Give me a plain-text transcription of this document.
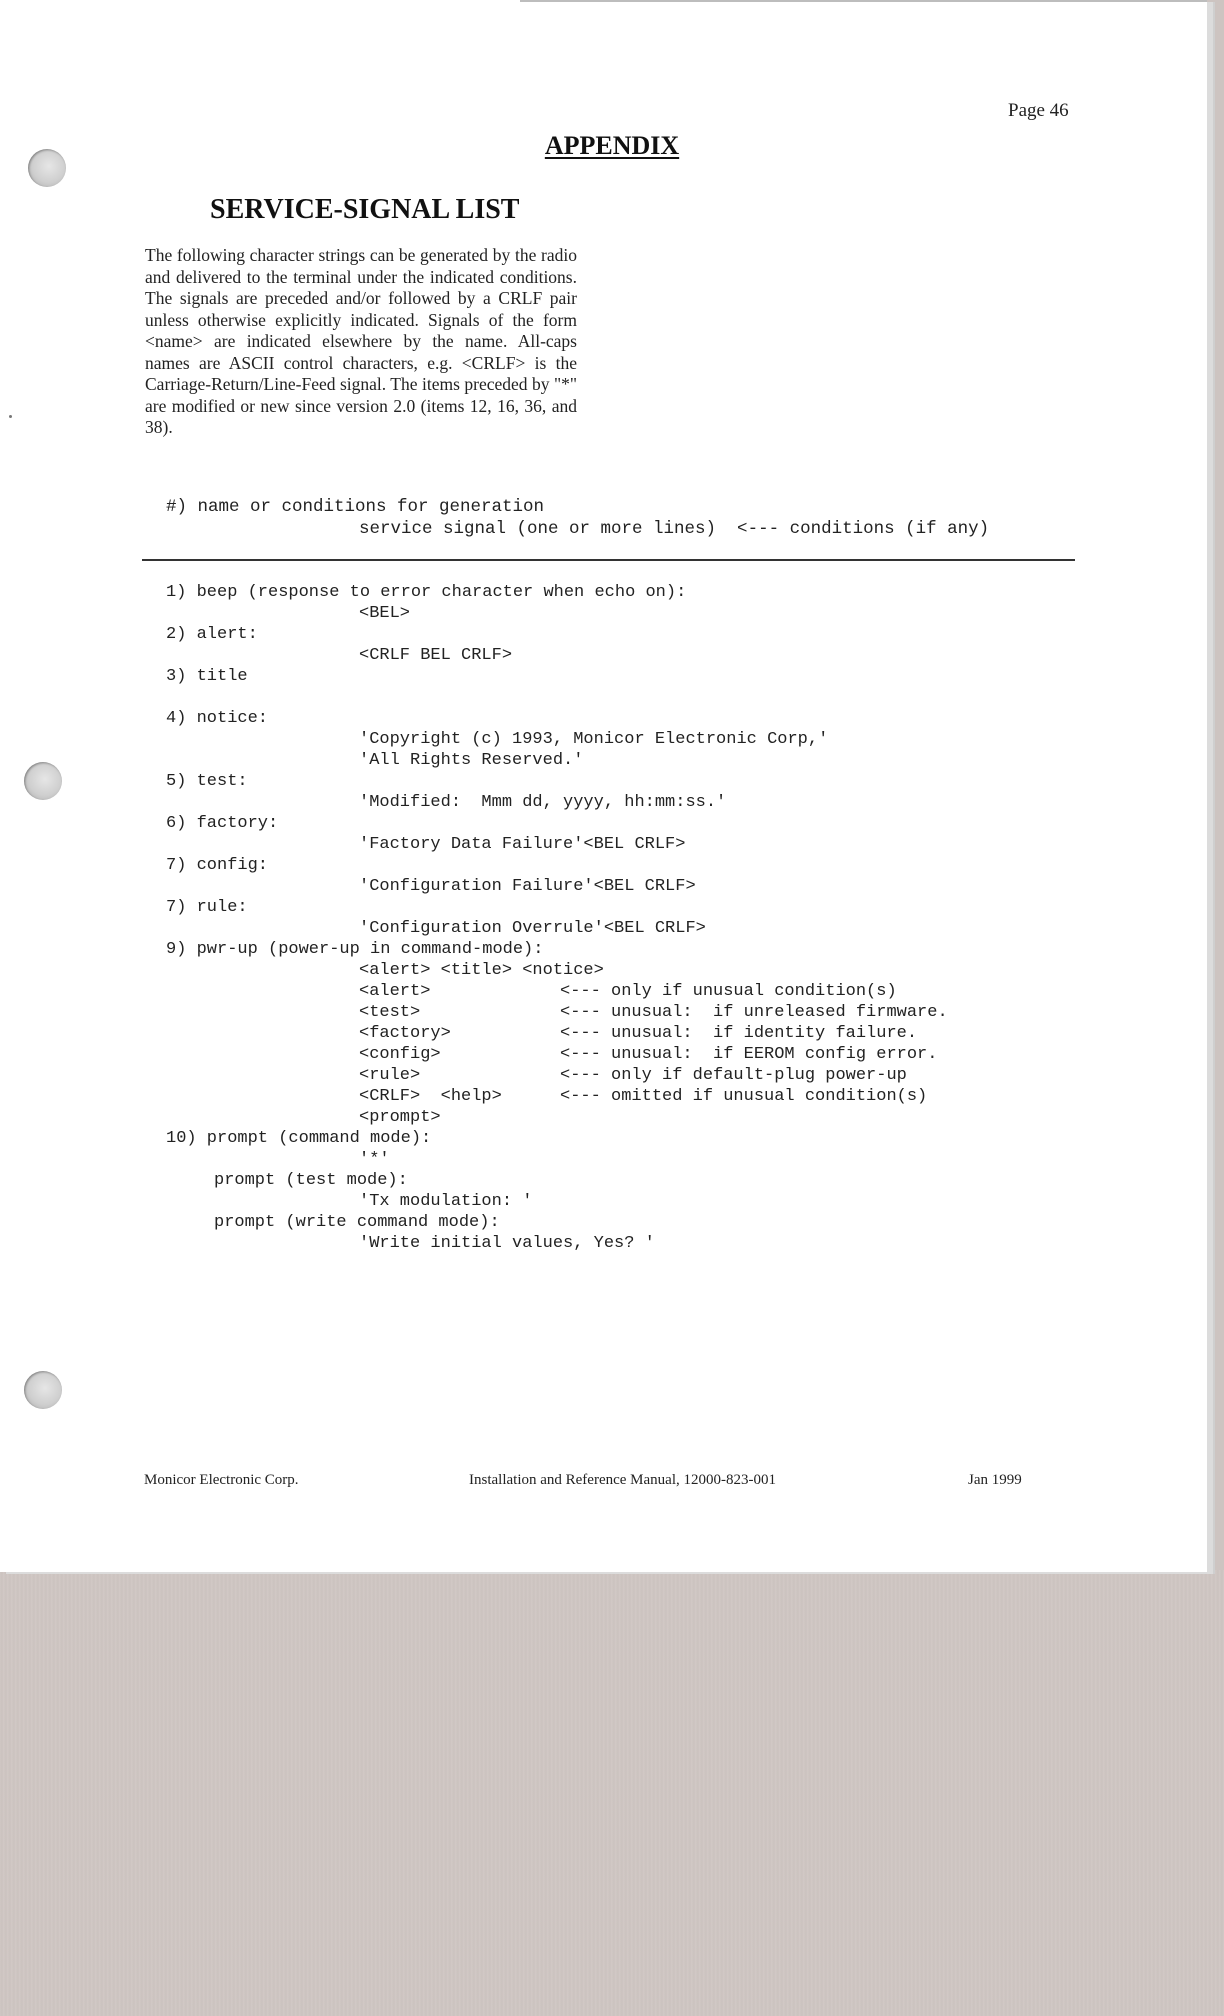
Page 46
APPENDIX
SERVICE-SIGNAL LIST

The following character strings can be generated by the radio and delivered to the terminal under the indicated conditions. The signals are preceded and/or followed by a CRLF pair unless otherwise explicitly indicated. Signals of the form <name> are indicated elsewhere by the name. All-caps names are ASCII control characters, e.g. <CRLF> is the Carriage-Return/Line-Feed signal. The items preceded by "*" are modified or new since version 2.0 (items 12, 16, 36, and 38).

#) name or conditions for generation
service signal (one or more lines)  <--- conditions (if any)
1) beep (response to error character when echo on):
<BEL>
2) alert:
<CRLF BEL CRLF>
3) title
4) notice:
'Copyright (c) 1993, Monicor Electronic Corp,'
'All Rights Reserved.'
5) test:
'Modified:  Mmm dd, yyyy, hh:mm:ss.'
6) factory:
'Factory Data Failure'<BEL CRLF>
7) config:
'Configuration Failure'<BEL CRLF>
7) rule:
'Configuration Overrule'<BEL CRLF>
9) pwr-up (power-up in command-mode):
<alert> <title> <notice>
<alert>	<--- only if unusual condition(s)
<test>	<--- unusual:  if unreleased firmware.
<factory>	<--- unusual:  if identity failure.
<config>	<--- unusual:  if EEROM config error.
<rule>	<--- only if default-plug power-up
<CRLF>  <help>	<--- omitted if unusual condition(s)
<prompt>
10) prompt (command mode):
'*'
prompt (test mode):
'Tx modulation: '
prompt (write command mode):
'Write initial values, Yes? '
Monicor Electronic Corp.	Installation and Reference Manual, 12000-823-001	Jan 1999
